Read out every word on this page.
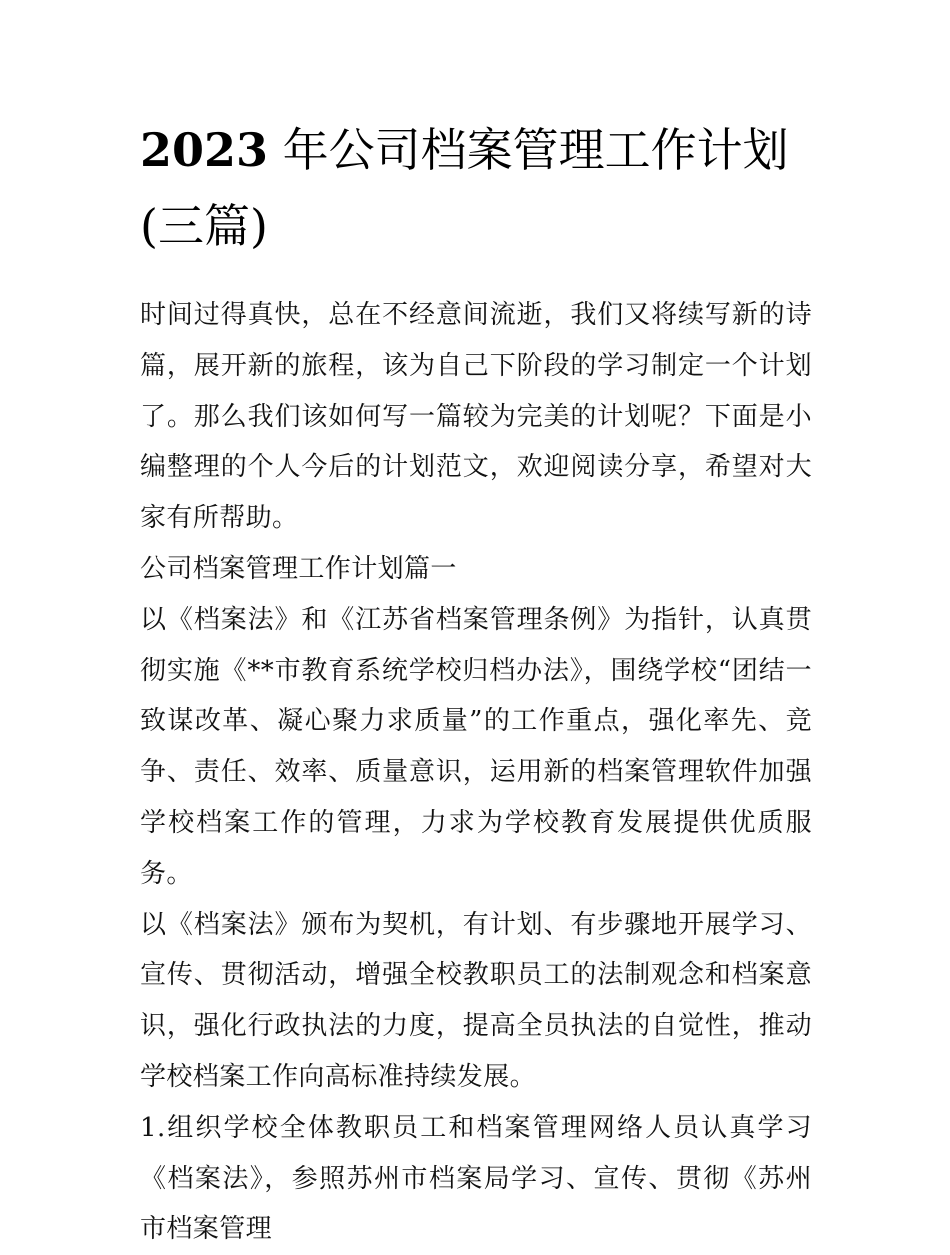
2023 年公司档案管理工作计划(三篇)

时间过得真快，总在不经意间流逝，我们又将续写新的诗篇，展开新的旅程，该为自己下阶段的学习制定一个计划了。那么我们该如何写一篇较为完美的计划呢？下面是小编整理的个人今后的计划范文，欢迎阅读分享，希望对大家有所帮助。

公司档案管理工作计划篇一

以《档案法》和《江苏省档案管理条例》为指针，认真贯彻实施《**市教育系统学校归档办法》，围绕学校“团结一致谋改革、凝心聚力求质量”的工作重点，强化率先、竞争、责任、效率、质量意识，运用新的档案管理软件加强学校档案工作的管理，力求为学校教育发展提供优质服务。

以《档案法》颁布为契机，有计划、有步骤地开展学习、宣传、贯彻活动，增强全校教职员工的法制观念和档案意识，强化行政执法的力度，提高全员执法的自觉性，推动学校档案工作向高标准持续发展。

1.组织学校全体教职员工和档案管理网络人员认真学习《档案法》，参照苏州市档案局学习、宣传、贯彻《苏州市档案管理
